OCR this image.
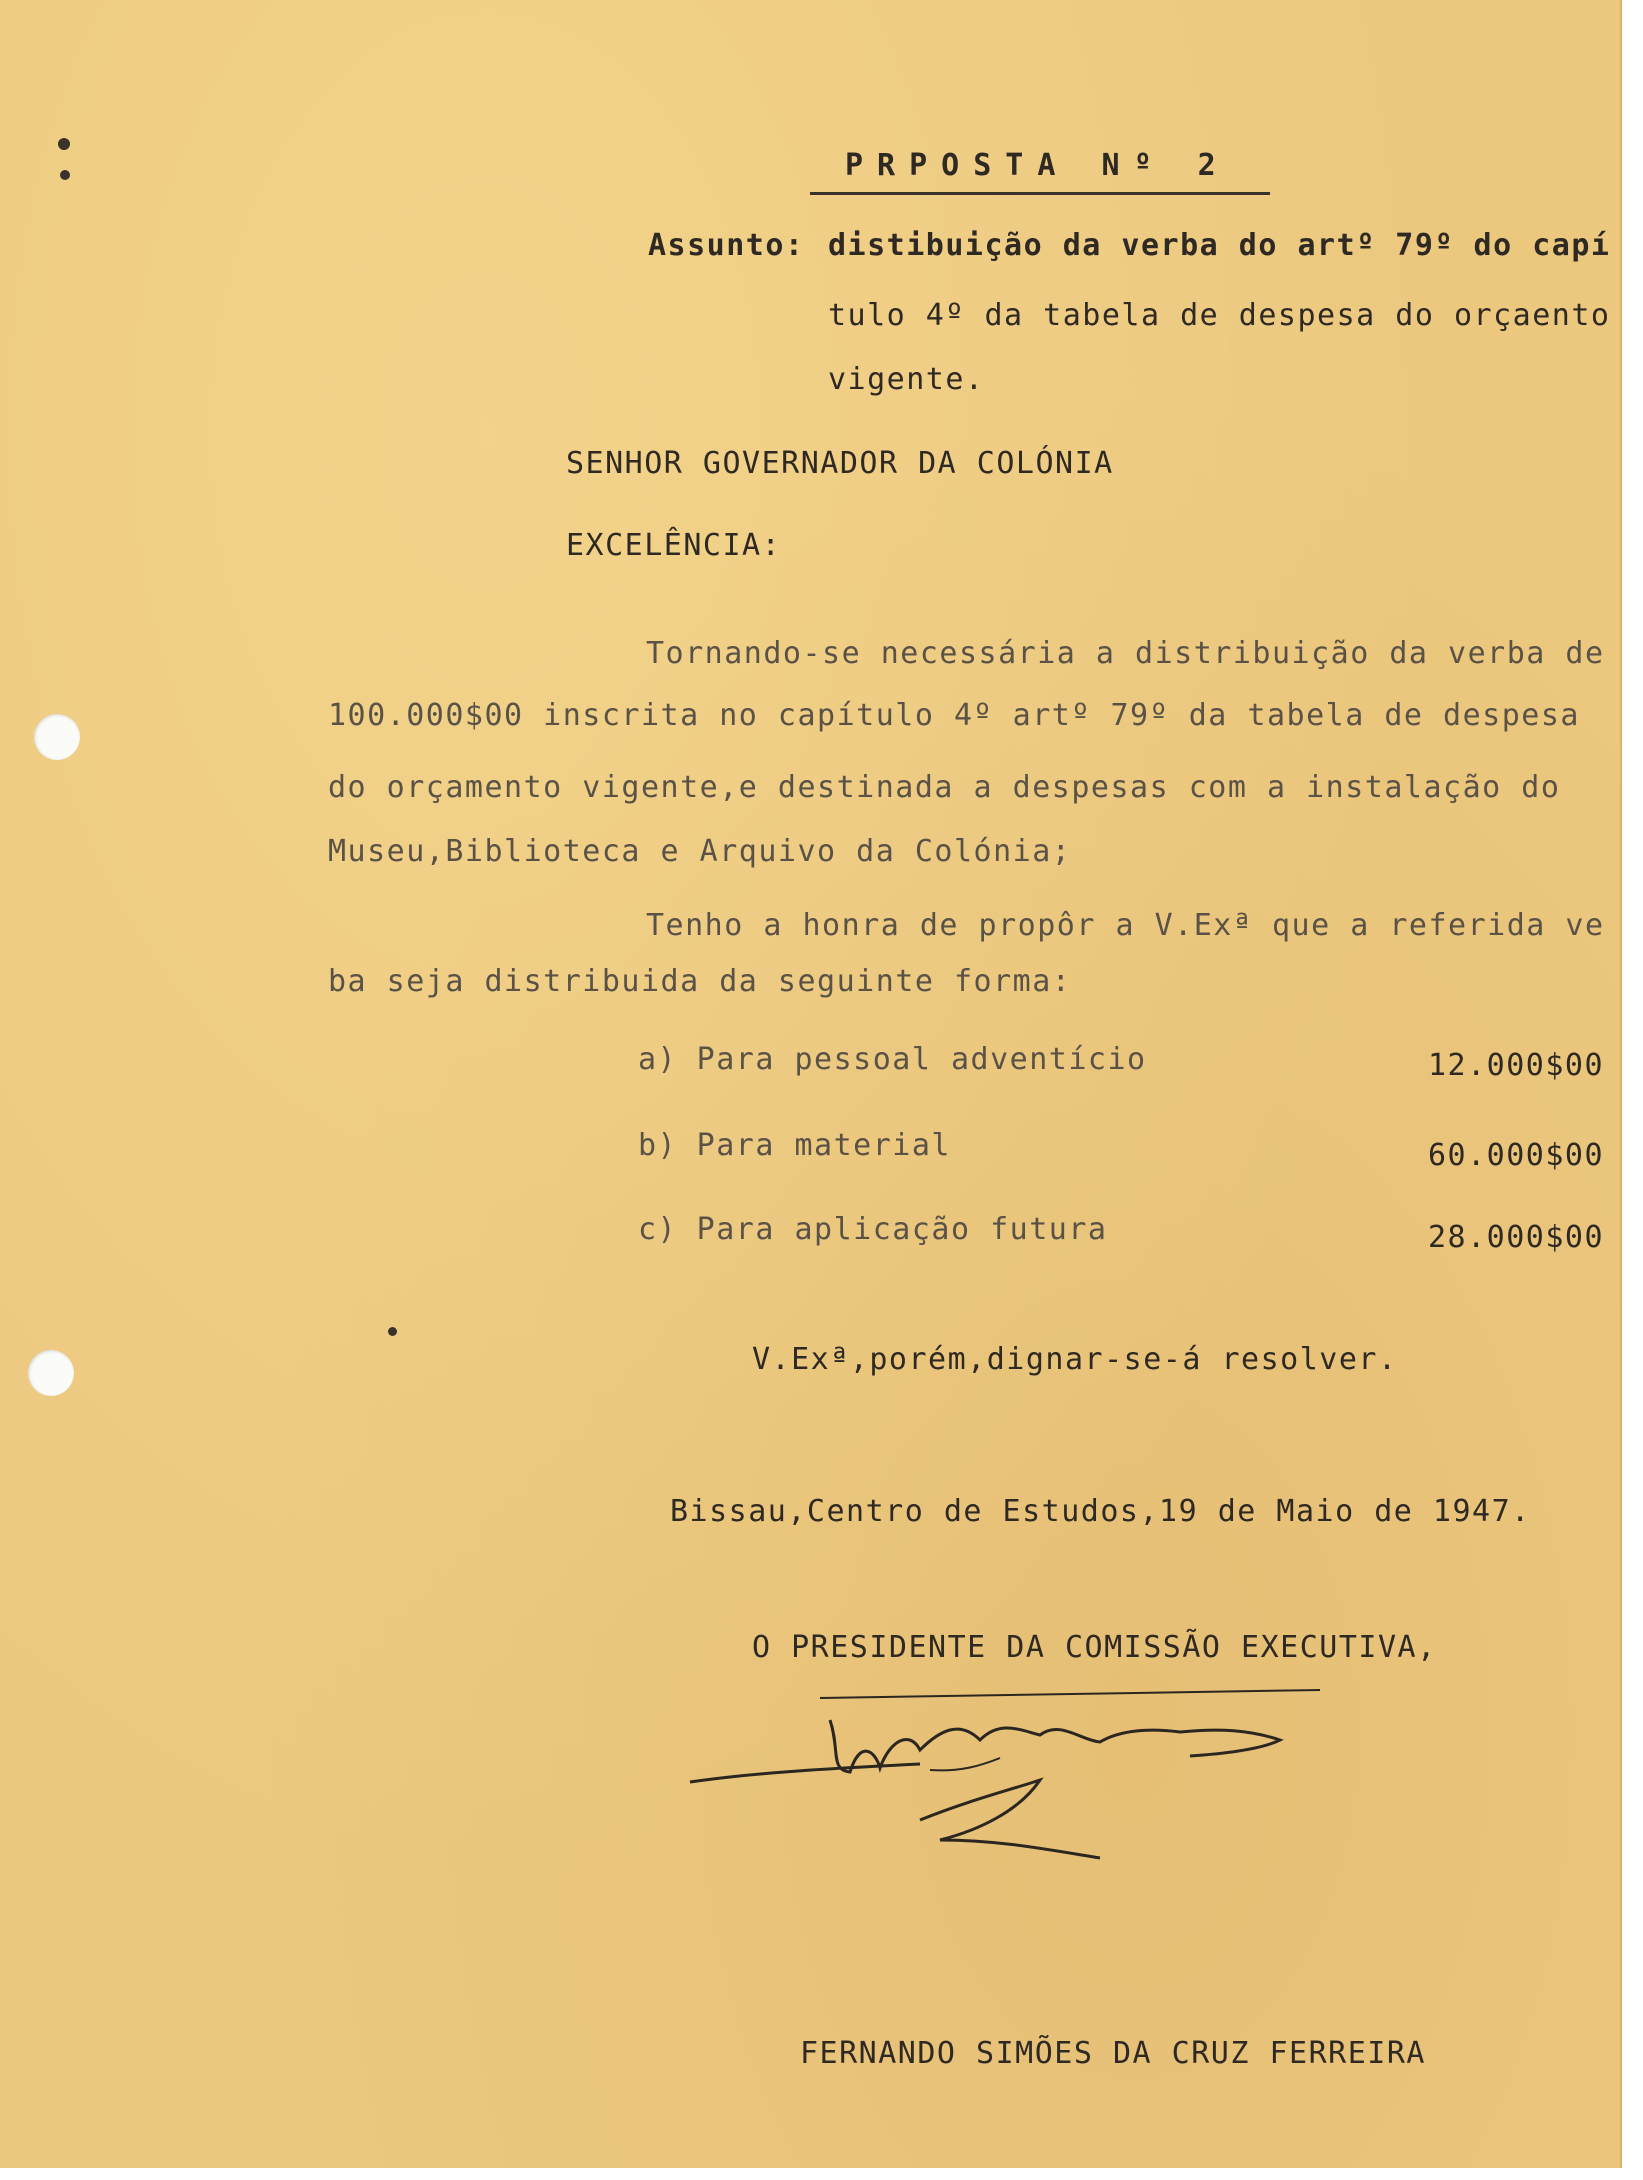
PRPOSTA Nº 2
Assunto: distibuição da verba do artº 79º do capí
tulo 4º da tabela de despesa do orçaento
vigente.
SENHOR GOVERNADOR DA COLÓNIA
EXCELÊNCIA:
Tornando-se necessária a distribuição da verba de
100.000$00 inscrita no capítulo 4º artº 79º da tabela de despesa
do orçamento vigente,e destinada a despesas com a instalação do
Museu,Biblioteca e Arquivo da Colónia;
Tenho a honra de propôr a V.Exª que a referida ve
ba seja distribuida da seguinte forma:
a) Para pessoal adventício	12.000$00
b) Para material	60.000$00
c) Para aplicação futura	28.000$00
V.Exª,porém,dignar-se-á resolver.
Bissau,Centro de Estudos,19 de Maio de 1947.
O PRESIDENTE DA COMISSÃO EXECUTIVA,
FERNANDO SIMÕES DA CRUZ FERREIRA
